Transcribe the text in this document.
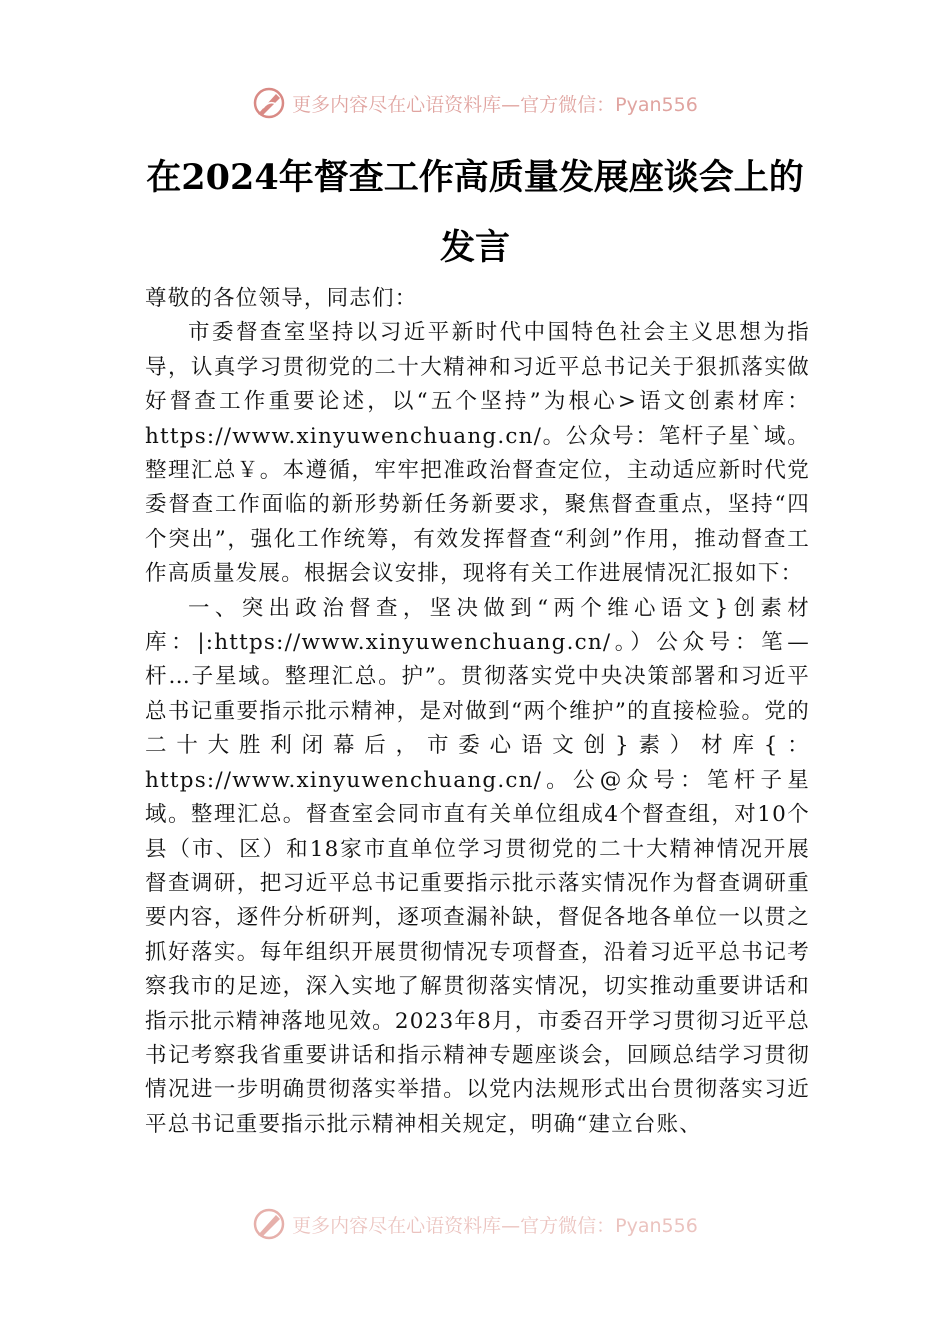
更多内容尽在心语资料库—官方微信：Pyan556
在2024年督查工作高质量发展座谈会上的
发言

尊敬的各位领导，同志们：

市委督查室坚持以习近平新时代中国特色社会主义思想为指导，认真学习贯彻党的二十大精神和习近平总书记关于狠抓落实做好督查工作重要论述，以“五个坚持”为根心>语文创素材库：https://www.xinyuwenchuang.cn/。公众号：笔杆子星`域。整理汇总￥。本遵循，牢牢把准政治督查定位，主动适应新时代党委督查工作面临的新形势新任务新要求，聚焦督查重点，坚持“四个突出”，强化工作统筹，有效发挥督查“利剑”作用，推动督查工作高质量发展。根据会议安排，现将有关工作进展情况汇报如下：

一、突出政治督查，坚决做到“两个维心语文}创素材库：|:https://www.xinyuwenchuang.cn/。）公众号：笔—杆…子星域。整理汇总。护”。贯彻落实党中央决策部署和习近平总书记重要指示批示精神，是对做到“两个维护”的直接检验。党的二十大胜利闭幕后，市委心语文创}素）材库{：https://www.xinyuwenchuang.cn/。公@众号：笔杆子星域。整理汇总。督查室会同市直有关单位组成4个督查组，对10个县（市、区）和18家市直单位学习贯彻党的二十大精神情况开展督查调研，把习近平总书记重要指示批示落实情况作为督查调研重要内容，逐件分析研判，逐项查漏补缺，督促各地各单位一以贯之抓好落实。每年组织开展贯彻情况专项督查，沿着习近平总书记考察我市的足迹，深入实地了解贯彻落实情况，切实推动重要讲话和指示批示精神落地见效。2023年8月，市委召开学习贯彻习近平总书记考察我省重要讲话和指示精神专题座谈会，回顾总结学习贯彻情况进一步明确贯彻落实举措。以党内法规形式出台贯彻落实习近平总书记重要指示批示精神相关规定，明确“建立台账、

更多内容尽在心语资料库—官方微信：Pyan556
